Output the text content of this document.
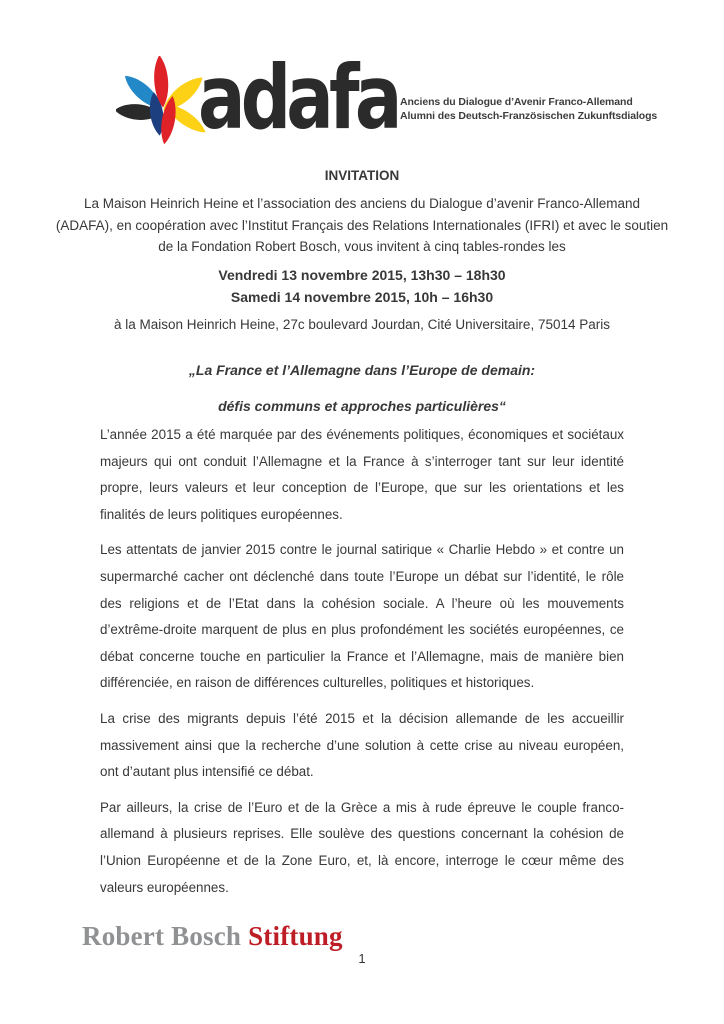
adafa Anciens du Dialogue d’Avenir Franco-Allemand
Alumni des Deutsch-Französischen Zukunftsdialogs
INVITATION
La Maison Heinrich Heine et l’association des anciens du Dialogue d’avenir Franco-Allemand
(ADAFA), en coopération avec l’Institut Français des Relations Internationales (IFRI) et avec le soutien
de la Fondation Robert Bosch, vous invitent à cinq tables-rondes les
Vendredi 13 novembre 2015, 13h30 – 18h30
Samedi 14 novembre 2015, 10h – 16h30
à la Maison Heinrich Heine, 27c boulevard Jourdan, Cité Universitaire, 75014 Paris
„La France et l’Allemagne dans l’Europe de demain:
défis communs et approches particulières“

L’année 2015 a été marquée par des événements politiques, économiques et sociétaux majeurs qui ont conduit l’Allemagne et la France à s’interroger tant sur leur identité propre, leurs valeurs et leur conception de l’Europe, que sur les orientations et les finalités de leurs politiques européennes.

Les attentats de janvier 2015 contre le journal satirique « Charlie Hebdo » et contre un supermarché cacher ont déclenché dans toute l’Europe un débat sur l’identité, le rôle des religions et de l’Etat dans la cohésion sociale. A l’heure où les mouvements d’extrême-droite marquent de plus en plus profondément les sociétés européennes, ce débat concerne touche en particulier la France et l’Allemagne, mais de manière bien différenciée, en raison de différences culturelles, politiques et historiques.

La crise des migrants depuis l’été 2015 et la décision allemande de les accueillir massivement ainsi que la recherche d’une solution à cette crise au niveau européen, ont d’autant plus intensifié ce débat.

Par ailleurs, la crise de l’Euro et de la Grèce a mis à rude épreuve le couple franco-allemand à plusieurs reprises. Elle soulève des questions concernant la cohésion de l’Union Européenne et de la Zone Euro, et, là encore, interroge le cœur même des valeurs européennes.

Robert Bosch Stiftung
1
